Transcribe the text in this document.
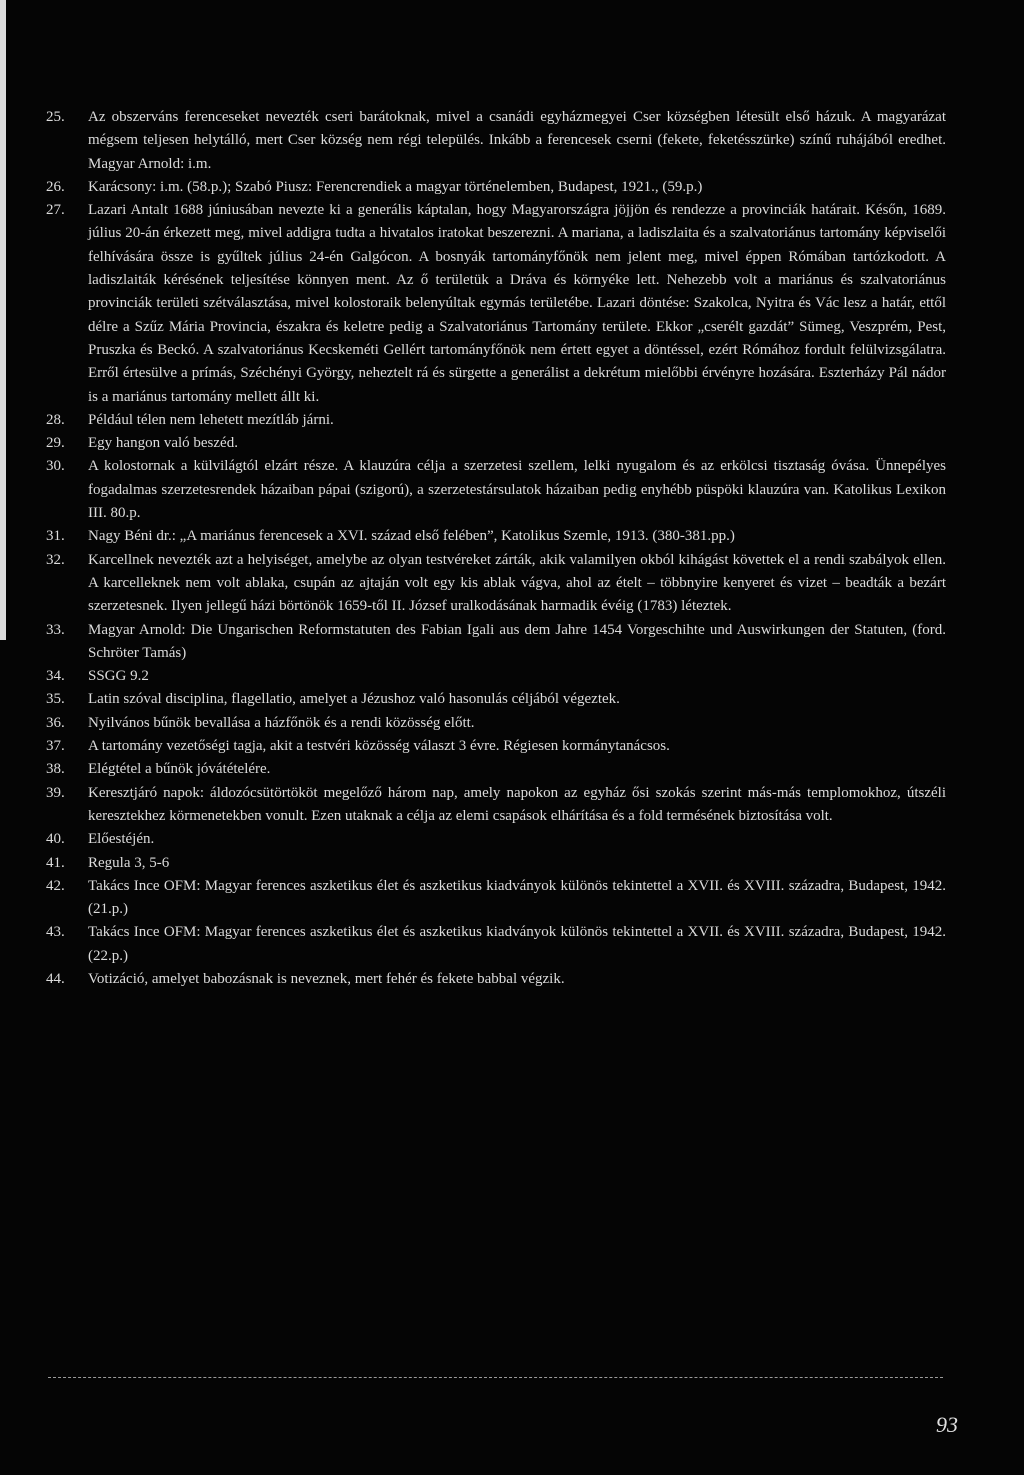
25.	Az obszerváns ferenceseket nevezték cseri barátoknak, mivel a csanádi egyházmegyei Cser községben létesült első házuk. A magyarázat mégsem teljesen helytálló, mert Cser község nem régi település. Inkább a ferencesek cserni (fekete, feketésszürke) színű ruhájából eredhet. Magyar Arnold: i.m.
26.	Karácsony: i.m. (58.p.); Szabó Piusz: Ferencrendiek a magyar történelemben, Budapest, 1921., (59.p.)
27.	Lazari Antalt 1688 júniusában nevezte ki a generális káptalan, hogy Magyarországra jöjjön és rendezze a provinciák határait. Későn, 1689. július 20-án érkezett meg, mivel addigra tudta a hivatalos iratokat beszerezni. A mariana, a ladiszlaita és a szalvatoriánus tartomány képviselői felhívására össze is gyűltek július 24-én Galgócon. A bosnyák tartományfőnök nem jelent meg, mivel éppen Rómában tartózkodott. A ladiszlaiták kérésének teljesítése könnyen ment. Az ő területük a Dráva és környéke lett. Nehezebb volt a mariánus és szalvatoriánus provinciák területi szétválasztása, mivel kolostoraik belenyúltak egymás területébe. Lazari döntése: Szakolca, Nyitra és Vác lesz a határ, ettől délre a Szűz Mária Provincia, északra és keletre pedig a Szalvatoriánus Tartomány területe. Ekkor „cserélt gazdát” Sümeg, Veszprém, Pest, Pruszka és Beckó. A szalvatoriánus Kecskeméti Gellért tartományfőnök nem értett egyet a döntéssel, ezért Rómához fordult felülvizsgálatra. Erről értesülve a prímás, Széchényi György, neheztelt rá és sürgette a generálist a dekrétum mielőbbi érvényre hozására. Eszterházy Pál nádor is a mariánus tartomány mellett állt ki.
28.	Például télen nem lehetett mezítláb járni.
29.	Egy hangon való beszéd.
30.	A kolostornak a külvilágtól elzárt része. A klauzúra célja a szerzetesi szellem, lelki nyugalom és az erkölcsi tisztaság óvása. Ünnepélyes fogadalmas szerzetesrendek házaiban pápai (szigorú), a szerzetestársulatok házaiban pedig enyhébb püspöki klauzúra van. Katolikus Lexikon III. 80.p.
31.	Nagy Béni dr.: „A mariánus ferencesek a XVI. század első felében”, Katolikus Szemle, 1913. (380-381.pp.)
32.	Karcellnek nevezték azt a helyiséget, amelybe az olyan testvéreket zárták, akik valamilyen okból kihágást követtek el a rendi szabályok ellen. A karcelleknek nem volt ablaka, csupán az ajtaján volt egy kis ablak vágva, ahol az ételt – többnyire kenyeret és vizet – beadták a bezárt szerzetesnek. Ilyen jellegű házi börtönök 1659-től II. József uralkodásának harmadik évéig (1783) léteztek.
33.	Magyar Arnold: Die Ungarischen Reformstatuten des Fabian Igali aus dem Jahre 1454 Vorgeschihte und Auswirkungen der Statuten, (ford. Schröter Tamás)
34.	SSGG 9.2
35.	Latin szóval disciplina, flagellatio, amelyet a Jézushoz való hasonulás céljából végeztek.
36.	Nyilvános bűnök bevallása a házfőnök és a rendi közösség előtt.
37.	A tartomány vezetőségi tagja, akit a testvéri közösség választ 3 évre. Régiesen kormánytanácsos.
38.	Elégtétel a bűnök jóvátételére.
39.	Keresztjáró napok: áldozócsütörtököt megelőző három nap, amely napokon az egyház ősi szokás szerint más-más templomokhoz, útszéli keresztekhez körmenetekben vonult. Ezen utaknak a célja az elemi csapások elhárítása és a fold termésének biztosítása volt.
40.	Előestéjén.
41.	Regula 3, 5-6
42.	Takács Ince OFM: Magyar ferences aszketikus élet és aszketikus kiadványok különös tekintettel a XVII. és XVIII. századra, Budapest, 1942. (21.p.)
43.	Takács Ince OFM: Magyar ferences aszketikus élet és aszketikus kiadványok különös tekintettel a XVII. és XVIII. századra, Budapest, 1942. (22.p.)
44.	Votizáció, amelyet babozásnak is neveznek, mert fehér és fekete babbal végzik.
93
